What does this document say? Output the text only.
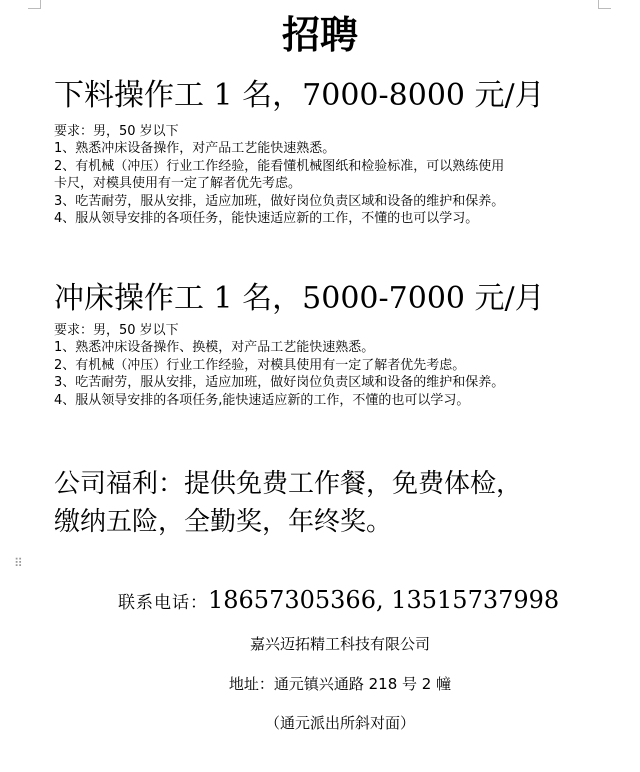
⠿
招聘
下料操作工 1 名，7000-8000 元/月
要求：男，50 岁以下
1、熟悉冲床设备操作，对产品工艺能快速熟悉。
2、有机械（冲压）行业工作经验，能看懂机械图纸和检验标准，可以熟练使用
卡尺，对模具使用有一定了解者优先考虑。
3、吃苦耐劳，服从安排，适应加班，做好岗位负责区域和设备的维护和保养。
4、服从领导安排的各项任务，能快速适应新的工作，不懂的也可以学习。
冲床操作工 1 名，5000-7000 元/月
要求：男，50 岁以下
1、熟悉冲床设备操作、换模，对产品工艺能快速熟悉。
2、有机械（冲压）行业工作经验，对模具使用有一定了解者优先考虑。
3、吃苦耐劳，服从安排，适应加班，做好岗位负责区域和设备的维护和保养。
4、服从领导安排的各项任务,能快速适应新的工作，不懂的也可以学习。
公司福利：提供免费工作餐，免费体检，
缴纳五险，全勤奖，年终奖。
联系电话：18657305366, 13515737998
嘉兴迈拓精工科技有限公司
地址：通元镇兴通路 218 号 2 幢
（通元派出所斜对面）
